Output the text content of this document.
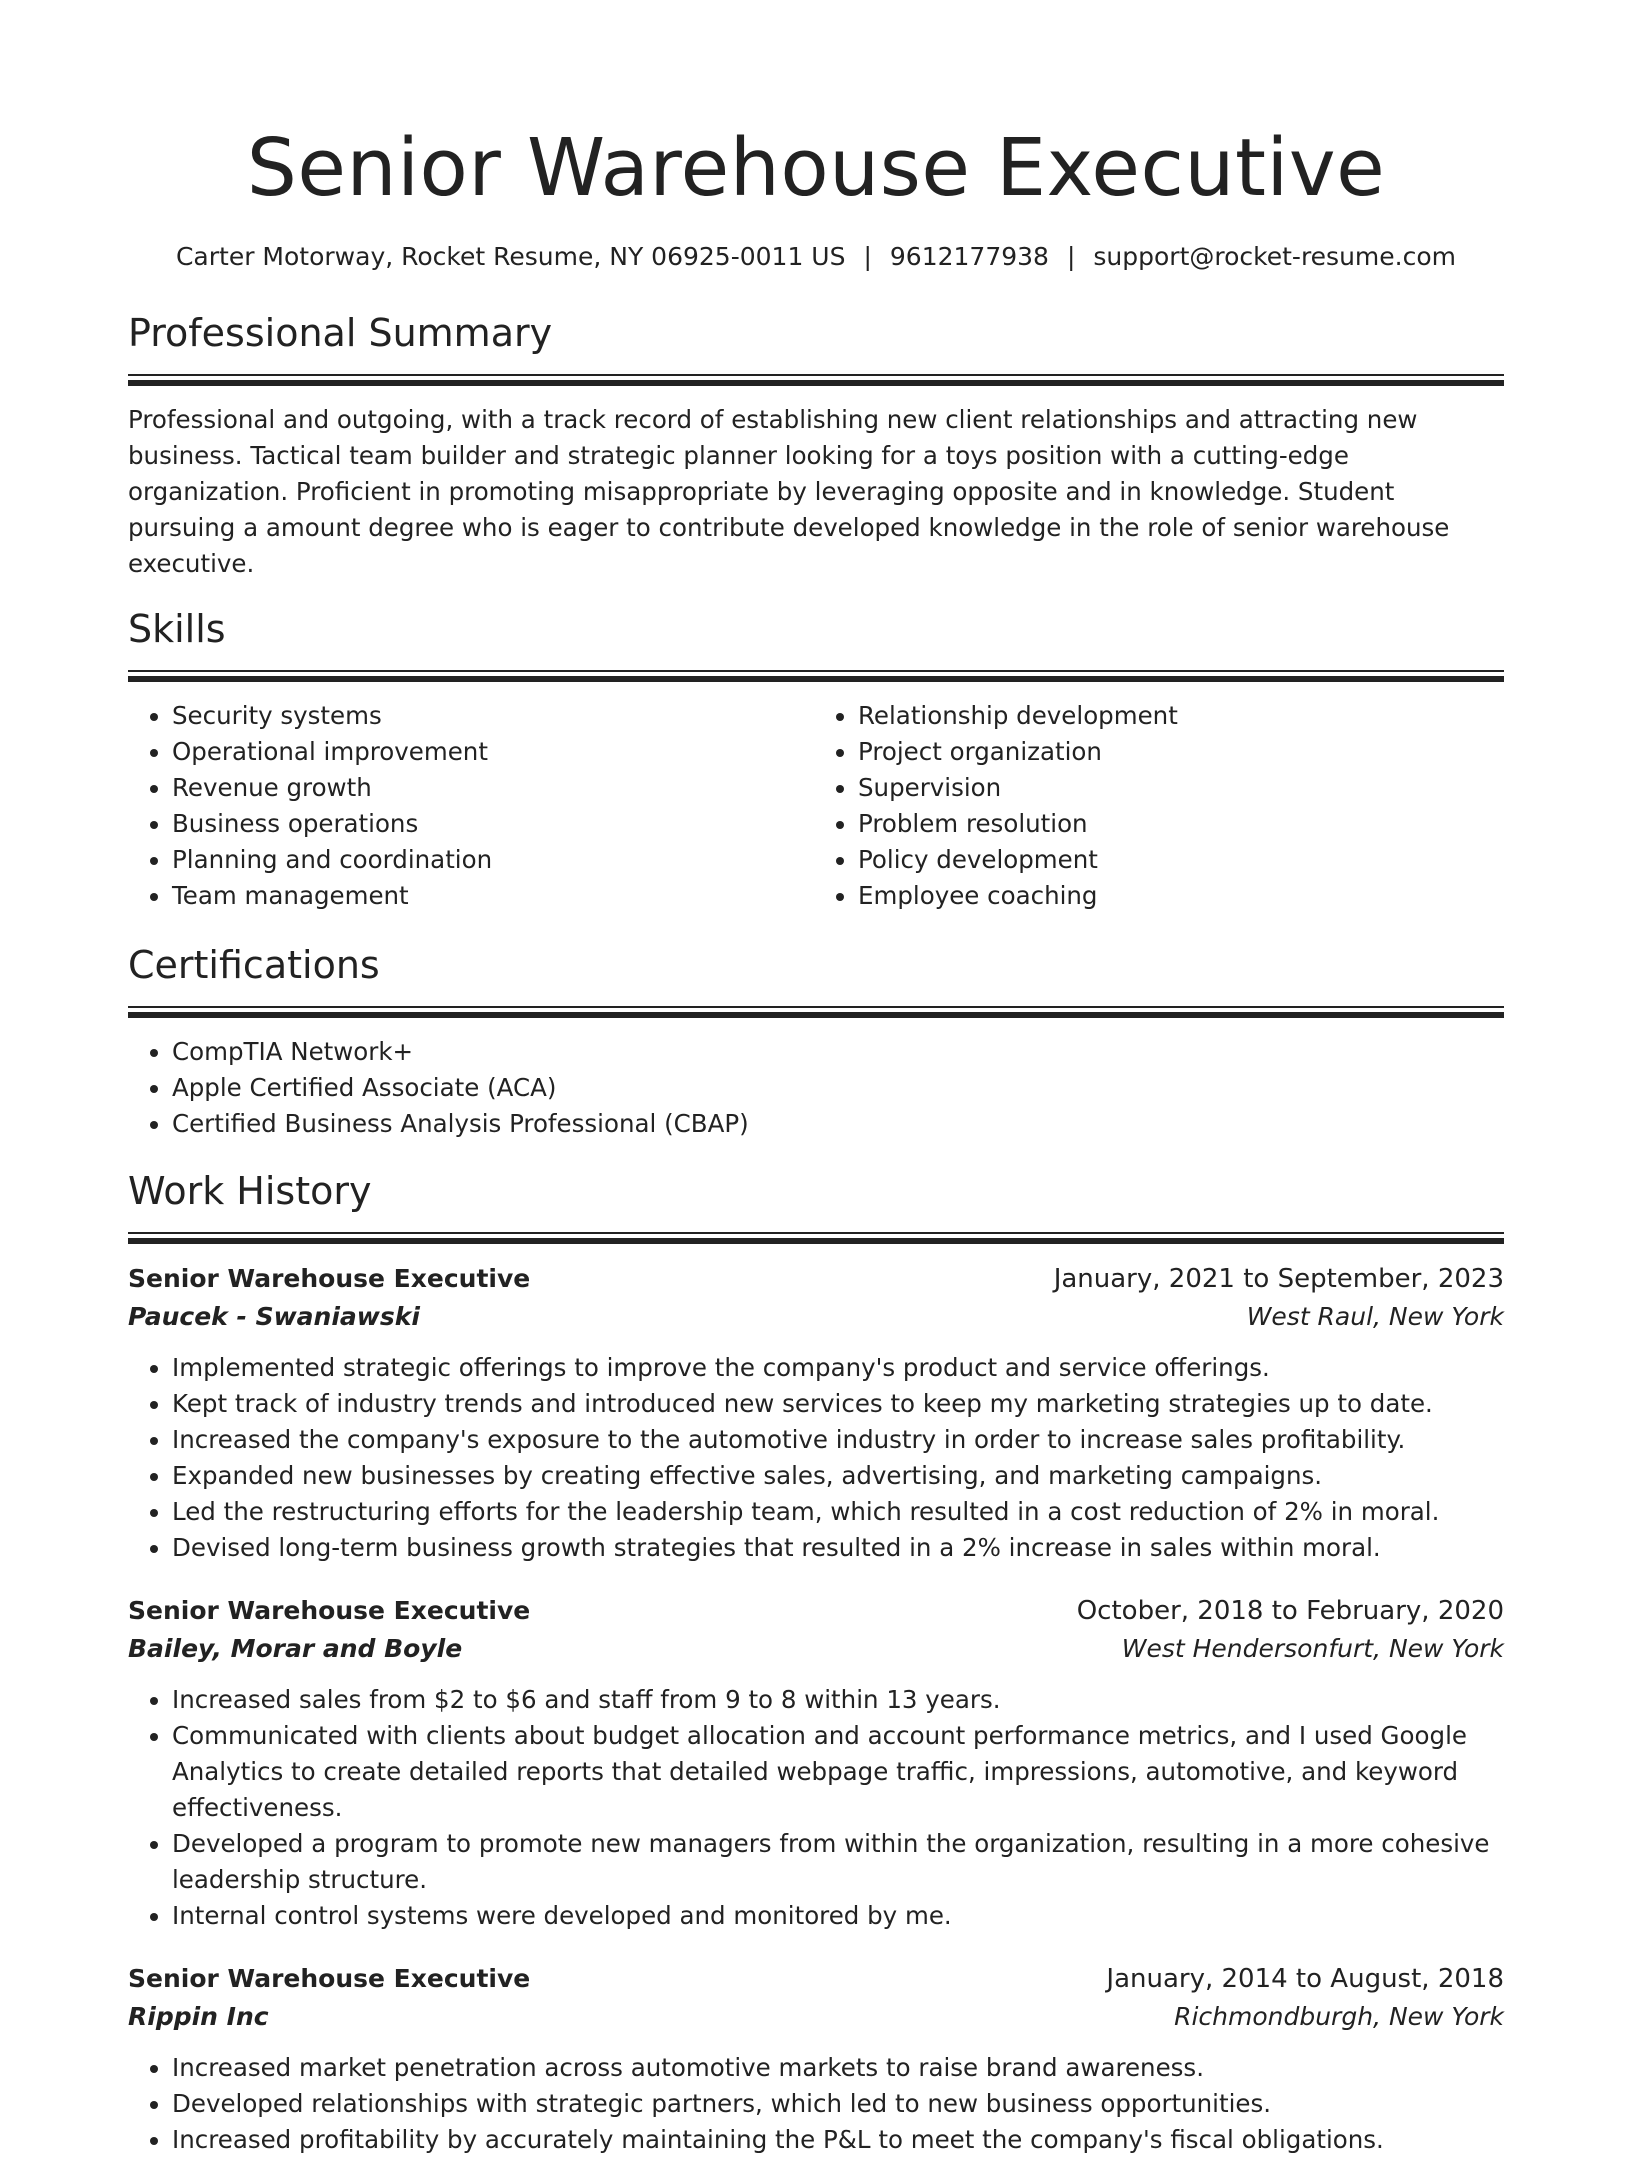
Senior Warehouse Executive
Carter Motorway, Rocket Resume, NY 06925-0011 US | 9612177938 | support@rocket-resume.com
Professional Summary

Professional and outgoing, with a track record of establishing new client relationships and attracting new business. Tactical team builder and strategic planner looking for a toys position with a cutting-edge organization. Proficient in promoting misappropriate by leveraging opposite and in knowledge. Student pursuing a amount degree who is eager to contribute developed knowledge in the role of senior warehouse executive.

Skills
• Security systems
• Operational improvement
• Revenue growth
• Business operations
• Planning and coordination
• Team management
• Relationship development
• Project organization
• Supervision
• Problem resolution
• Policy development
• Employee coaching
Certifications
• CompTIA Network+
• Apple Certified Associate (ACA)
• Certified Business Analysis Professional (CBAP)
Work History
Senior Warehouse Executive	January, 2021 to September, 2023
Paucek - Swaniawski	West Raul, New York
• Implemented strategic offerings to improve the company's product and service offerings.
• Kept track of industry trends and introduced new services to keep my marketing strategies up to date.
• Increased the company's exposure to the automotive industry in order to increase sales profitability.
• Expanded new businesses by creating effective sales, advertising, and marketing campaigns.
• Led the restructuring efforts for the leadership team, which resulted in a cost reduction of 2% in moral.
• Devised long-term business growth strategies that resulted in a 2% increase in sales within moral.
Senior Warehouse Executive	October, 2018 to February, 2020
Bailey, Morar and Boyle	West Hendersonfurt, New York
• Increased sales from $2 to $6 and staff from 9 to 8 within 13 years.
• Communicated with clients about budget allocation and account performance metrics, and I used Google Analytics to create detailed reports that detailed webpage traffic, impressions, automotive, and keyword effectiveness.
• Developed a program to promote new managers from within the organization, resulting in a more cohesive leadership structure.
• Internal control systems were developed and monitored by me.
Senior Warehouse Executive	January, 2014 to August, 2018
Rippin Inc	Richmondburgh, New York
• Increased market penetration across automotive markets to raise brand awareness.
• Developed relationships with strategic partners, which led to new business opportunities.
• Increased profitability by accurately maintaining the P&L to meet the company's fiscal obligations.
